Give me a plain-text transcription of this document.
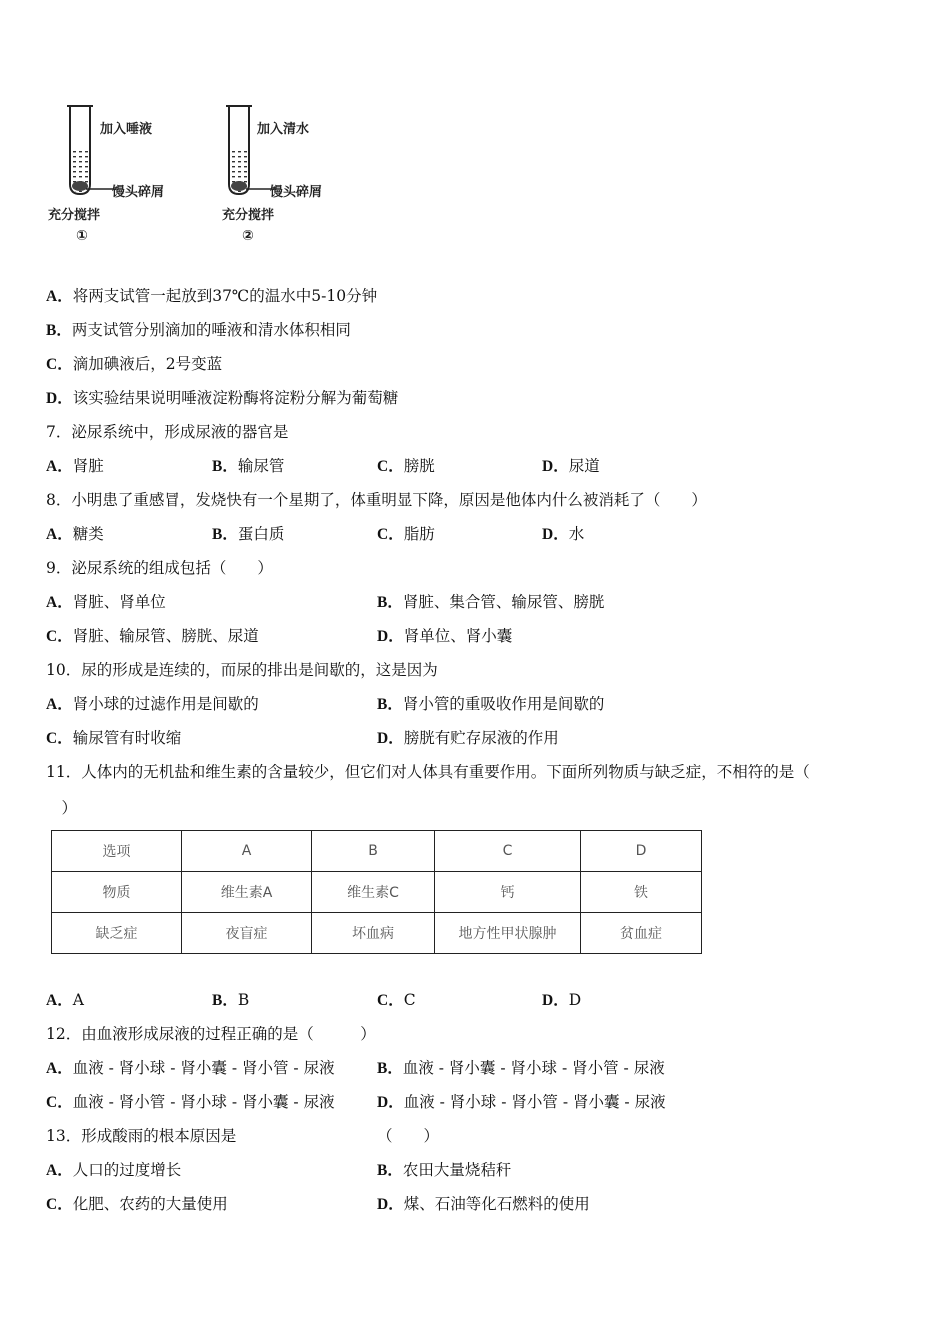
加入唾液
馒头碎屑
充分搅拌
①
加入清水
馒头碎屑
充分搅拌
②
A．将两支试管一起放到37℃的温水中5-10分钟
B．两支试管分别滴加的唾液和清水体积相同
C．滴加碘液后，2号变蓝
D．该实验结果说明唾液淀粉酶将淀粉分解为葡萄糖
7．泌尿系统中，形成尿液的器官是
A．肾脏	B．输尿管	C．膀胱	D．尿道
8．小明患了重感冒，发烧快有一个星期了，体重明显下降，原因是他体内什么被消耗了（　　）
A．糖类	B．蛋白质	C．脂肪	D．水
9．泌尿系统的组成包括（　　）
A．肾脏、肾单位	B．肾脏、集合管、输尿管、膀胱
C．肾脏、输尿管、膀胱、尿道	D．肾单位、肾小囊
10．尿的形成是连续的，而尿的排出是间歇的，这是因为
A．肾小球的过滤作用是间歇的	B．肾小管的重吸收作用是间歇的
C．输尿管有时收缩	D．膀胱有贮存尿液的作用
11．人体内的无机盐和维生素的含量较少，但它们对人体具有重要作用。下面所列物质与缺乏症，不相符的是（
　）
选项	A	B	C	D
物质	维生素A	维生素C	钙	铁
缺乏症	夜盲症	坏血病	地方性甲状腺肿	贫血症
A．A	B．B	C．C	D．D
12．由血液形成尿液的过程正确的是（　　　）
A．血液 - 肾小球 - 肾小囊 - 肾小管 - 尿液	B．血液 - 肾小囊 - 肾小球 - 肾小管 - 尿液
C．血液 - 肾小管 - 肾小球 - 肾小囊 - 尿液	D．血液 - 肾小球 - 肾小管 - 肾小囊 - 尿液
13．形成酸雨的根本原因是	（　　）
A．人口的过度增长	B．农田大量烧秸秆
C．化肥、农药的大量使用	D．煤、石油等化石燃料的使用
